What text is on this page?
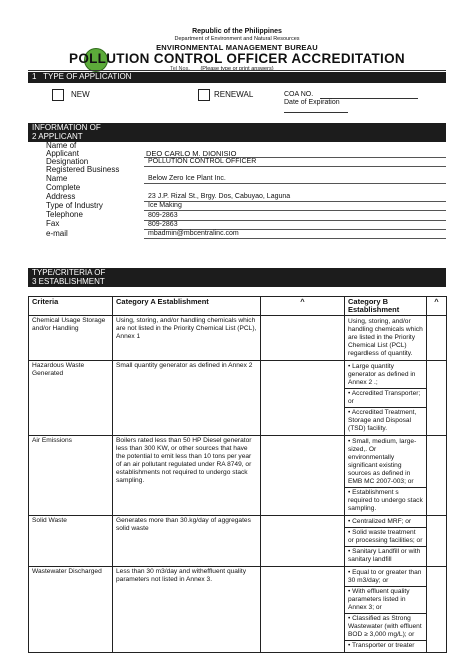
Republic of the Philippines
Department of Environment and Natural Resources
ENVIRONMENTAL MANAGEMENT BUREAU
POLLUTION CONTROL OFFICER ACCREDITATION
Tel Nos.	(Please type or print answers)
1 TYPE OF APPLICATION
NEW	RENEWAL	COA NO.
Date of Expiration
INFORMATION OF
2 APPLICANT
Name of
Applicant	DEO CARLO M. DIONISIO
Designation	POLLUTION CONTROL OFFICER
Registered Business
Name	Below Zero Ice Plant Inc.
Complete
Address	23 J.P. Rizal St., Brgy. Dos, Cabuyao, Laguna
Type of Industry	Ice Making
Telephone	809-2863
Fax	809-2863
e-mail	mbadmin@mbcentralinc.com
TYPE/CRITERIA OF
3 ESTABLISHMENT
Criteria	Category A Establishment	^	Category B Establishment	^
Chemical Usage Storage and/or Handling	Using, storing, and/or handling chemicals which are not listed in the Priority Chemical List (PCL), Annex 1		Using, storing, and/or handling chemicals which are listed in the Priority Chemical List (PCL) regardless of quantity.	

Hazardous Waste Generated	Small quantity generator as defined in Annex 2		• Large quantity generator as defined in Annex 2 .;
• Accredited Transporter; or
• Accredited Treatment, Storage and Disposal (TSD) facility.	

Air Emissions	Boilers rated less than 50 HP Diesel generator less than 300 KW, or other sources that have the potential to emit less than 10 tons per year of an air pollutant regulated under RA 8749, or establishments not required to undergo stack sampling.		• Small, medium, large-sized,. Or environmentally significant existing sources as defined in EMB MC 2007-003; or
• Establishment s required to undergo stack sampling.	

Solid Waste	Generates more than 30.kg/day of aggregates solid waste		• Centralized MRF; or
• Solid waste treatment or processing facilities; or
• Sanitary Landfill or with sanitary landfill	

Wastewater Discharged	Less than 30 m3/day and witheffluent quality parameters not listed in Annex 3.		• Equal to or greater than 30 m3/day; or
• With effluent quality parameters listed in Annex 3; or
• Classified as Strong Wastewater (with effluent BOD ≥ 3,000 mg/L); or
• Transporter or treater	
